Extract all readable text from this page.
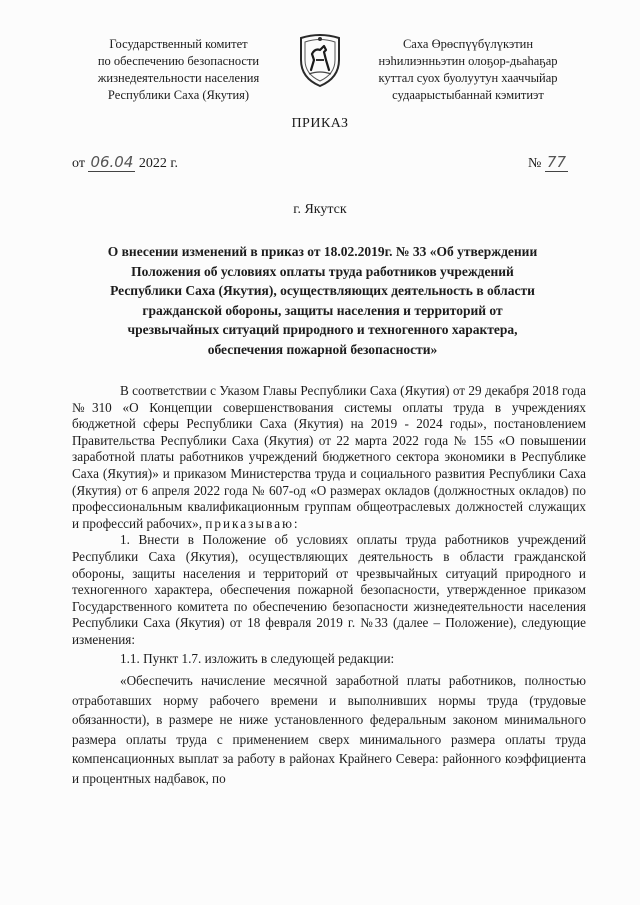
Государственный комитет
по обеспечению безопасности
жизнедеятельности населения
Республики Саха (Якутия)
Саха Өрөспүүбүлүкэтин
нэһилиэнньэтин олоҕор-дьаһаҕар
куттал суох буолуутун хааччыйар
судаарыстыбаннай кэмитиэт
ПРИКАЗ
от 06.04 2022 г.	№ 77
г. Якутск
О внесении изменений в приказ от 18.02.2019г. № 33 «Об утверждении Положения об условиях оплаты труда работников учреждений Республики Саха (Якутия), осуществляющих деятельность в области гражданской обороны, защиты населения и территорий от чрезвычайных ситуаций природного и техногенного характера, обеспечения пожарной безопасности»

В соответствии с Указом Главы Республики Саха (Якутия) от 29 декабря 2018 года №310 «О Концепции совершенствования системы оплаты труда в учреждениях бюджетной сферы Республики Саха (Якутия) на 2019 - 2024 годы», постановлением Правительства Республики Саха (Якутия) от 22 марта 2022 года № 155 «О повышении заработной платы работников учреждений бюджетного сектора экономики в Республике Саха (Якутия)» и приказом Министерства труда и социального развития Республики Саха (Якутия) от 6 апреля 2022 года № 607-од «О размерах окладов (должностных окладов) по профессиональным квалификационным группам общеотраслевых должностей служащих и профессий рабочих», приказываю:

1. Внести в Положение об условиях оплаты труда работников учреждений Республики Саха (Якутия), осуществляющих деятельность в области гражданской обороны, защиты населения и территорий от чрезвычайных ситуаций природного и техногенного характера, обеспечения пожарной безопасности, утвержденное приказом Государственного комитета по обеспечению безопасности жизнедеятельности населения Республики Саха (Якутия) от 18 февраля 2019 г. №33 (далее – Положение), следующие изменения:

1.1. Пункт 1.7. изложить в следующей редакции:

«Обеспечить начисление месячной заработной платы работников, полностью отработавших норму рабочего времени и выполнивших нормы труда (трудовые обязанности), в размере не ниже установленного федеральным законом минимального размера оплаты труда с применением сверх минимального размера оплаты труда компенсационных выплат за работу в районах Крайнего Севера: районного коэффициента и процентных надбавок, по
